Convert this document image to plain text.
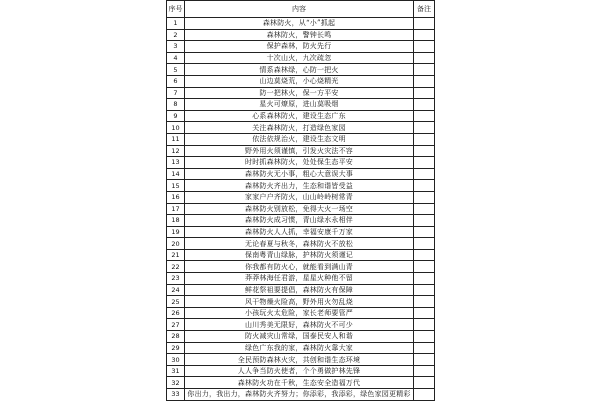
序号	内容	备注
1	森林防火，从“小”抓起	
2	森林防火，警钟长鸣	
3	保护森林，防火先行	
4	十次山火，九次疏忽	
5	情系森林绿，心防一把火	
6	山边莫烧荒，小心烧精光	
7	防一把林火，保一方平安	
8	星火可燎原，进山莫吸烟	
9	心系森林防火，建设生态广东	
10	关注森林防火，打造绿色家园	
11	依法依规治火，建设生态文明	
12	野外用火须谨慎，引发火灾法不容	
13	时时抓森林防火，处处保生态平安	
14	森林防火无小事，粗心大意误大事	
15	森林防火齐出力，生态和谐皆受益	
16	家家户户齐防火，山山岭岭树常青	
17	森林防火别放松，免得大火一场空	
18	森林防火成习惯，青山绿水永相伴	
19	森林防火人人抓，幸福安康千万家	
20	无论春夏与秋冬，森林防火不放松	
21	保南粤青山绿脉，护林防火须谨记	
22	你我都有防火心，就能看到满山青	
23	莽莽林海任君游，星星火种他不留	
24	鲜花祭祖要提倡，森林防火有保障	
25	风干物燥火险高，野外用火勿乱烧	
26	小孩玩火太危险，家长老师要管严	
27	山川秀美无限好，森林防火不可少	
28	防火减灾山常绿，国泰民安人和谐	
29	绿色广东我的家，森林防火靠大家	
30	全民预防森林火灾，共创和谐生态环境	
31	人人争当防火使者，个个勇做护林先锋	
32	森林防火功在千秋，生态安全造福万代	
33	你出力，我出力，森林防火齐努力；你添彩，我添彩，绿色家园更精彩	
